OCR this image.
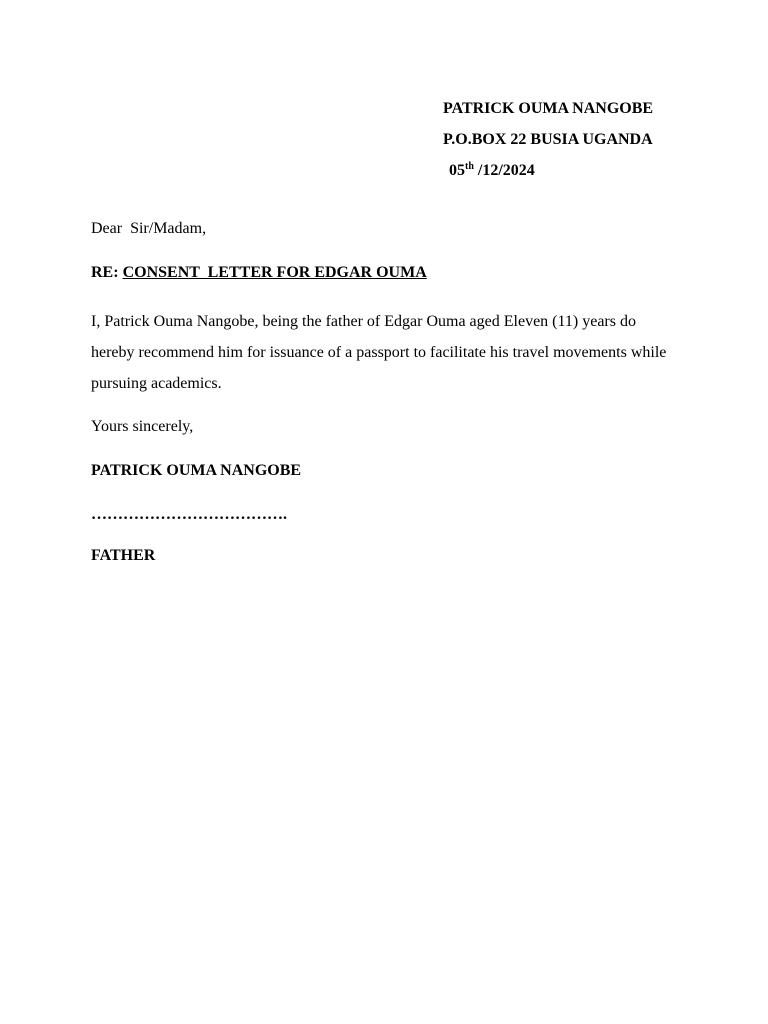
PATRICK OUMA NANGOBE
P.O.BOX 22 BUSIA UGANDA
05th /12/2024

Dear  Sir/Madam,

RE: CONSENT  LETTER FOR EDGAR OUMA

I, Patrick Ouma Nangobe, being the father of Edgar Ouma aged Eleven (11) years do hereby recommend him for issuance of a passport to facilitate his travel movements while pursuing academics.

Yours sincerely,

PATRICK OUMA NANGOBE

……………………………….

FATHER
